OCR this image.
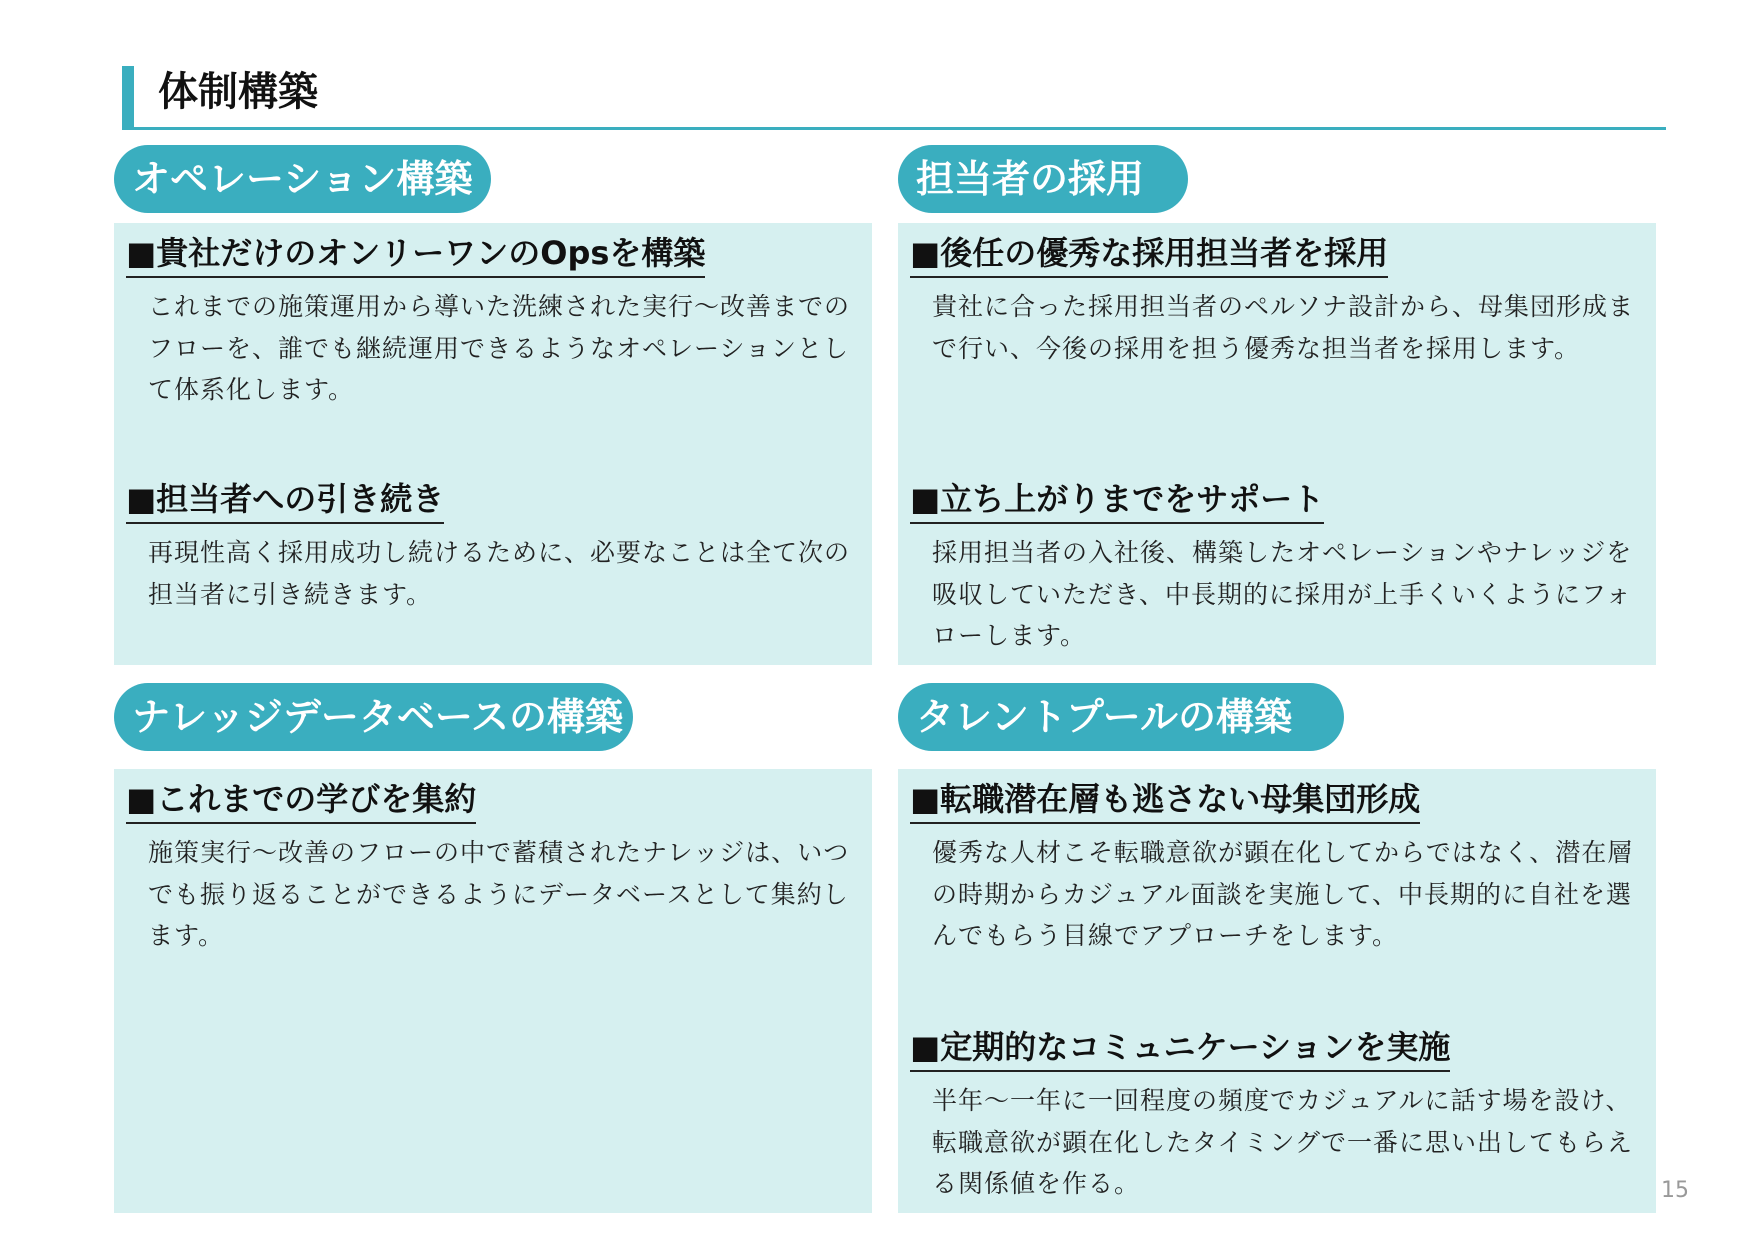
体制構築
オペレーション構築
■貴社だけのオンリーワンのOpsを構築
これまでの施策運用から導いた洗練された実行～改善までのフローを、誰でも継続運用できるようなオペレーションとして体系化します。
■担当者への引き続き
再現性高く採用成功し続けるために、必要なことは全て次の担当者に引き続きます。
担当者の採用
■後任の優秀な採用担当者を採用
貴社に合った採用担当者のペルソナ設計から、母集団形成まで行い、今後の採用を担う優秀な担当者を採用します。
■立ち上がりまでをサポート
採用担当者の入社後、構築したオペレーションやナレッジを吸収していただき、中長期的に採用が上手くいくようにフォローします。
ナレッジデータベースの構築
■これまでの学びを集約
施策実行～改善のフローの中で蓄積されたナレッジは、いつでも振り返ることができるようにデータベースとして集約します。
タレントプールの構築
■転職潜在層も逃さない母集団形成
優秀な人材こそ転職意欲が顕在化してからではなく、潜在層の時期からカジュアル面談を実施して、中長期的に自社を選んでもらう目線でアプローチをします。
■定期的なコミュニケーションを実施
半年～一年に一回程度の頻度でカジュアルに話す場を設け、転職意欲が顕在化したタイミングで一番に思い出してもらえる関係値を作る。	15
